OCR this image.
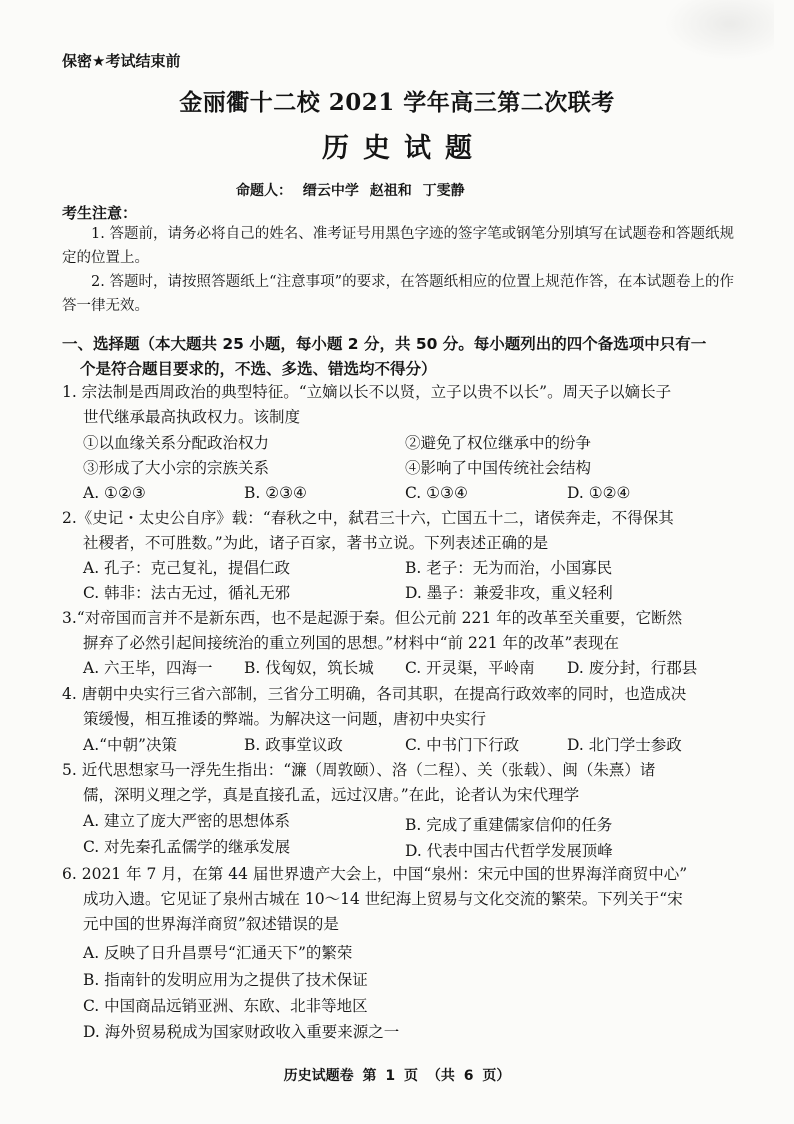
保密★考试结束前
金丽衢十二校 2021 学年高三第二次联考
历史试题
命题人： 缙云中学 赵祖和 丁雯静
考生注意：
1. 答题前，请务必将自己的姓名、准考证号用黑色字迹的签字笔或钢笔分别填写在试题卷和答题纸规定的位置上。
2. 答题时，请按照答题纸上“注意事项”的要求，在答题纸相应的位置上规范作答，在本试题卷上的作答一律无效。
一、选择题（本大题共 25 小题，每小题 2 分，共 50 分。每小题列出的四个备选项中只有一
个是符合题目要求的，不选、多选、错选均不得分）
1. 宗法制是西周政治的典型特征。“立嫡以长不以贤，立子以贵不以长”。周天子以嫡长子
世代继承最高执政权力。该制度
①以血缘关系分配政治权力	②避免了权位继承中的纷争
③形成了大小宗的宗族关系	④影响了中国传统社会结构
A. ①②③	B. ②③④	C. ①③④	D. ①②④
2.《史记・太史公自序》载：“春秋之中，弑君三十六，亡国五十二，诸侯奔走，不得保其
社稷者，不可胜数。”为此，诸子百家，著书立说。下列表述正确的是
A. 孔子：克己复礼，提倡仁政	B. 老子：无为而治，小国寡民
C. 韩非：法古无过，循礼无邪	D. 墨子：兼爱非攻，重义轻利
3.“对帝国而言并不是新东西，也不是起源于秦。但公元前 221 年的改革至关重要，它断然
摒弃了必然引起间接统治的重立列国的思想。”材料中“前 221 年的改革”表现在
A. 六王毕，四海一 B. 伐匈奴，筑长城 C. 开灵渠，平岭南 D. 废分封，行郡县
4. 唐朝中央实行三省六部制，三省分工明确，各司其职，在提高行政效率的同时，也造成决
策缓慢，相互推诿的弊端。为解决这一问题，唐初中央实行
A.“中朝”决策	B. 政事堂议政	C. 中书门下行政	D. 北门学士参政
5. 近代思想家马一浮先生指出：“濂（周敦颐）、洛（二程）、关（张载）、闽（朱熹）诸
儒，深明义理之学，真是直接孔孟，远过汉唐。”在此，论者认为宋代理学
A. 建立了庞大严密的思想体系	B. 完成了重建儒家信仰的任务
C. 对先秦孔孟儒学的继承发展	D. 代表中国古代哲学发展顶峰
6. 2021 年 7 月，在第 44 届世界遗产大会上，中国“泉州：宋元中国的世界海洋商贸中心”
成功入遗。它见证了泉州古城在 10～14 世纪海上贸易与文化交流的繁荣。下列关于“宋
元中国的世界海洋商贸”叙述错误的是
A. 反映了日升昌票号“汇通天下”的繁荣
B. 指南针的发明应用为之提供了技术保证
C. 中国商品远销亚洲、东欧、北非等地区
D. 海外贸易税成为国家财政收入重要来源之一
历史试题卷 第 1 页 （共 6 页）
